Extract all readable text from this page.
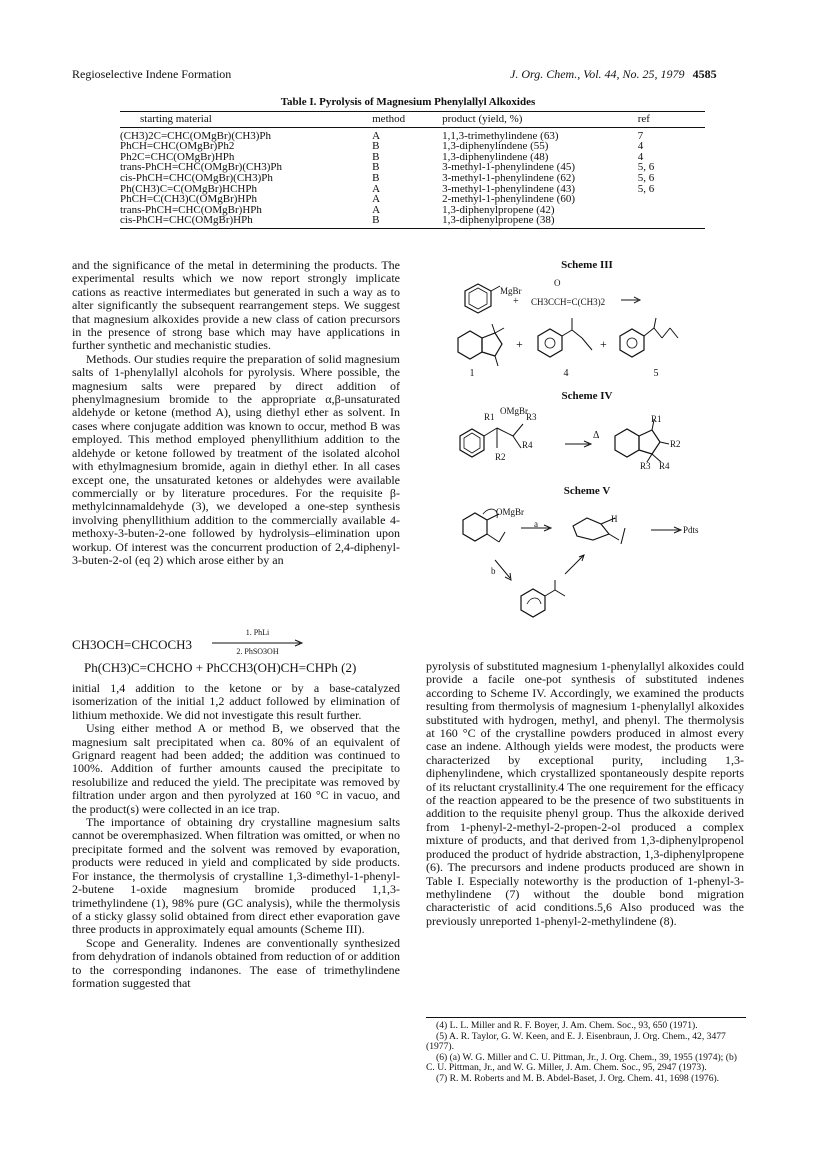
Regioselective Indene Formation	J. Org. Chem., Vol. 44, No. 25, 1979 4585
Table I. Pyrolysis of Magnesium Phenylallyl Alkoxides
starting material	method	product (yield, %)	ref
(CH3)2C=CHC(OMgBr)(CH3)Ph	A	1,1,3-trimethylindene (63)	7
PhCH=CHC(OMgBr)Ph2	B	1,3-diphenylindene (55)	4
Ph2C=CHC(OMgBr)HPh	B	1,3-diphenylindene (48)	4
trans-PhCH=CHC(OMgBr)(CH3)Ph	B	3-methyl-1-phenylindene (45)	5, 6
cis-PhCH=CHC(OMgBr)(CH3)Ph	B	3-methyl-1-phenylindene (62)	5, 6
Ph(CH3)C=C(OMgBr)HCHPh	A	3-methyl-1-phenylindene (43)	5, 6
PhCH=C(CH3)C(OMgBr)HPh	A	2-methyl-1-phenylindene (60)	
trans-PhCH=CHC(OMgBr)HPh	A	1,3-diphenylpropene (42)	
cis-PhCH=CHC(OMgBr)HPh	B	1,3-diphenylpropene (38)	

and the significance of the metal in determining the products. The experimental results which we now report strongly implicate cations as reactive intermediates but generated in such a way as to alter significantly the subsequent rearrangement steps. We suggest that magnesium alkoxides provide a new class of cation precursors in the presence of strong base which may have applications in further synthetic and mechanistic studies.

Methods. Our studies require the preparation of solid magnesium salts of 1-phenylallyl alcohols for pyrolysis. Where possible, the magnesium salts were prepared by direct addition of phenylmagnesium bromide to the appropriate α,β-unsaturated aldehyde or ketone (method A), using diethyl ether as solvent. In cases where conjugate addition was known to occur, method B was employed. This method employed phenyllithium addition to the aldehyde or ketone followed by treatment of the isolated alcohol with ethylmagnesium bromide, again in diethyl ether. In all cases except one, the unsaturated ketones or aldehydes were available commercially or by literature procedures. For the requisite β-methylcinnamaldehyde (3), we developed a one-step synthesis involving phenyllithium addition to the commercially available 4-methoxy-3-buten-2-one followed by hydrolysis–elimination upon workup. Of interest was the concurrent production of 2,4-diphenyl-3-buten-2-ol (eq 2) which arose either by an

CH3OCH=CHCOCH3
1. PhLi
2. PhSO3OH
Ph(CH3)C=CHCHO + PhCCH3(OH)CH=CHPh (2)

initial 1,4 addition to the ketone or by a base-catalyzed isomerization of the initial 1,2 adduct followed by elimination of lithium methoxide. We did not investigate this result further.

Using either method A or method B, we observed that the magnesium salt precipitated when ca. 80% of an equivalent of Grignard reagent had been added; the addition was continued to 100%. Addition of further amounts caused the precipitate to resolubilize and reduced the yield. The precipitate was removed by filtration under argon and then pyrolyzed at 160 °C in vacuo, and the product(s) were collected in an ice trap.

The importance of obtaining dry crystalline magnesium salts cannot be overemphasized. When filtration was omitted, or when no precipitate formed and the solvent was removed by evaporation, products were reduced in yield and complicated by side products. For instance, the thermolysis of crystalline 1,3-dimethyl-1-phenyl-2-butene 1-oxide magnesium bromide produced 1,1,3-trimethylindene (1), 98% pure (GC analysis), while the thermolysis of a sticky glassy solid obtained from direct ether evaporation gave three products in approximately equal amounts (Scheme III).

Scope and Generality. Indenes are conventionally synthesized from dehydration of indanols obtained from reduction of or addition to the corresponding indanones. The ease of trimethylindene formation suggested that

Scheme III
+	+
MgBr
+
O
CH3CCH=C(CH3)2
1	4	5
Scheme IV
R1
OMgBr
R3
R4
R2
Δ
R1
R2
R3 R4
Scheme V
OMgBr
a	H
Pdts
b

pyrolysis of substituted magnesium 1-phenylallyl alkoxides could provide a facile one-pot synthesis of substituted indenes according to Scheme IV. Accordingly, we examined the products resulting from thermolysis of magnesium 1-phenylallyl alkoxides substituted with hydrogen, methyl, and phenyl. The thermolysis at 160 °C of the crystalline powders produced in almost every case an indene. Although yields were modest, the products were characterized by exceptional purity, including 1,3-diphenylindene, which crystallized spontaneously despite reports of its reluctant crystallinity.4 The one requirement for the efficacy of the reaction appeared to be the presence of two substituents in addition to the requisite phenyl group. Thus the alkoxide derived from 1-phenyl-2-methyl-2-propen-2-ol produced a complex mixture of products, and that derived from 1,3-diphenylpropenol produced the product of hydride abstraction, 1,3-diphenylpropene (6). The precursors and indene products produced are shown in Table I. Especially noteworthy is the production of 1-phenyl-3-methylindene (7) without the double bond migration characteristic of acid conditions.5,6 Also produced was the previously unreported 1-phenyl-2-methylindene (8).

(4) L. L. Miller and R. F. Boyer, J. Am. Chem. Soc., 93, 650 (1971).

(5) A. R. Taylor, G. W. Keen, and E. J. Eisenbraun, J. Org. Chem., 42, 3477 (1977).

(6) (a) W. G. Miller and C. U. Pittman, Jr., J. Org. Chem., 39, 1955 (1974); (b) C. U. Pittman, Jr., and W. G. Miller, J. Am. Chem. Soc., 95, 2947 (1973).

(7) R. M. Roberts and M. B. Abdel-Baset, J. Org. Chem. 41, 1698 (1976).
